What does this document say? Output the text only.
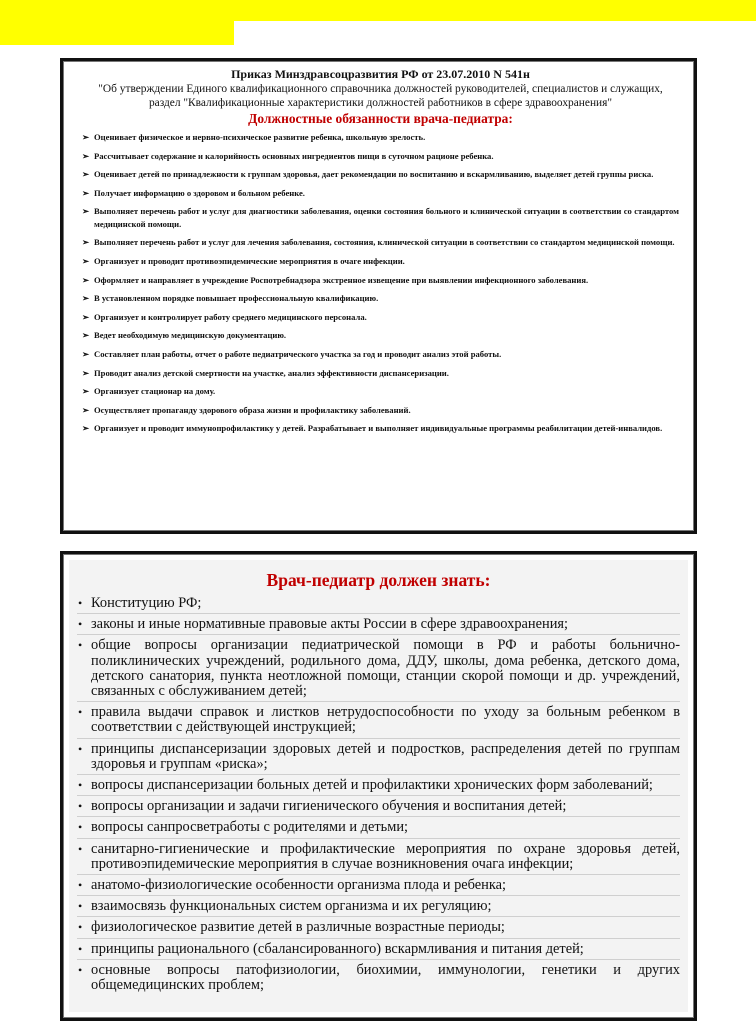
Приказ Минздравсоцразвития РФ от 23.07.2010 N 541н
"Об утверждении Единого квалификационного справочника должностей руководителей, специалистов и служащих, раздел "Квалификационные характеристики должностей работников в сфере здравоохранения"
Должностные обязанности врача-педиатра:
➢ Оценивает физическое и нервно-психическое развитие ребенка, школьную зрелость.
➢ Рассчитывает содержание и калорийность основных ингредиентов пищи в суточном рационе ребенка.
➢ Оценивает детей по принадлежности к группам здоровья, дает рекомендации по воспитанию и вскармливанию, выделяет детей группы риска.
➢ Получает информацию о здоровом и больном ребенке.
➢ Выполняет перечень работ и услуг для диагностики заболевания, оценки состояния больного и клинической ситуации в соответствии со стандартом медицинской помощи.
➢ Выполняет перечень работ и услуг для лечения заболевания, состояния, клинической ситуации в соответствии со стандартом медицинской помощи.
➢ Организует и проводит противоэпидемические мероприятия в очаге инфекции.
➢ Оформляет и направляет в учреждение Роспотребнадзора экстренное извещение при выявлении инфекционного заболевания.
➢ В установленном порядке повышает профессиональную квалификацию.
➢ Организует и контролирует работу среднего медицинского персонала.
➢ Ведет необходимую медицинскую документацию.
➢ Составляет план работы, отчет о работе педиатрического участка за год и проводит анализ этой работы.
➢ Проводит анализ детской смертности на участке, анализ эффективности диспансеризации.
➢ Организует стационар на дому.
➢ Осуществляет пропаганду здорового образа жизни и профилактику заболеваний.
➢ Организует и проводит иммунопрофилактику у детей. Разрабатывает и выполняет индивидуальные программы реабилитации детей-инвалидов.
Врач-педиатр должен знать:
• Конституцию РФ;
• законы и иные нормативные правовые акты России в сфере здравоохранения;
• общие вопросы организации педиатрической помощи в РФ и работы больнично-поликлинических учреждений, родильного дома, ДДУ, школы, дома ребенка, детского дома, детского санатория, пункта неотложной помощи, станции скорой помощи и др. учреждений, связанных с обслуживанием детей;
• правила выдачи справок и листков нетрудоспособности по уходу за больным ребенком в соответствии с действующей инструкцией;
• принципы диспансеризации здоровых детей и подростков, распределения детей по группам здоровья и группам «риска»;
• вопросы диспансеризации больных детей и профилактики хронических форм заболеваний;
• вопросы организации и задачи гигиенического обучения и воспитания детей;
• вопросы санпросветработы с родителями и детьми;
• санитарно-гигиенические и профилактические мероприятия по охране здоровья детей, противоэпидемические мероприятия в случае возникновения очага инфекции;
• анатомо-физиологические особенности организма плода и ребенка;
• взаимосвязь функциональных систем организма и их регуляцию;
• физиологическое развитие детей в различные возрастные периоды;
• принципы рационального (сбалансированного) вскармливания и питания детей;
• основные вопросы патофизиологии, биохимии, иммунологии, генетики и других общемедицинских проблем;
